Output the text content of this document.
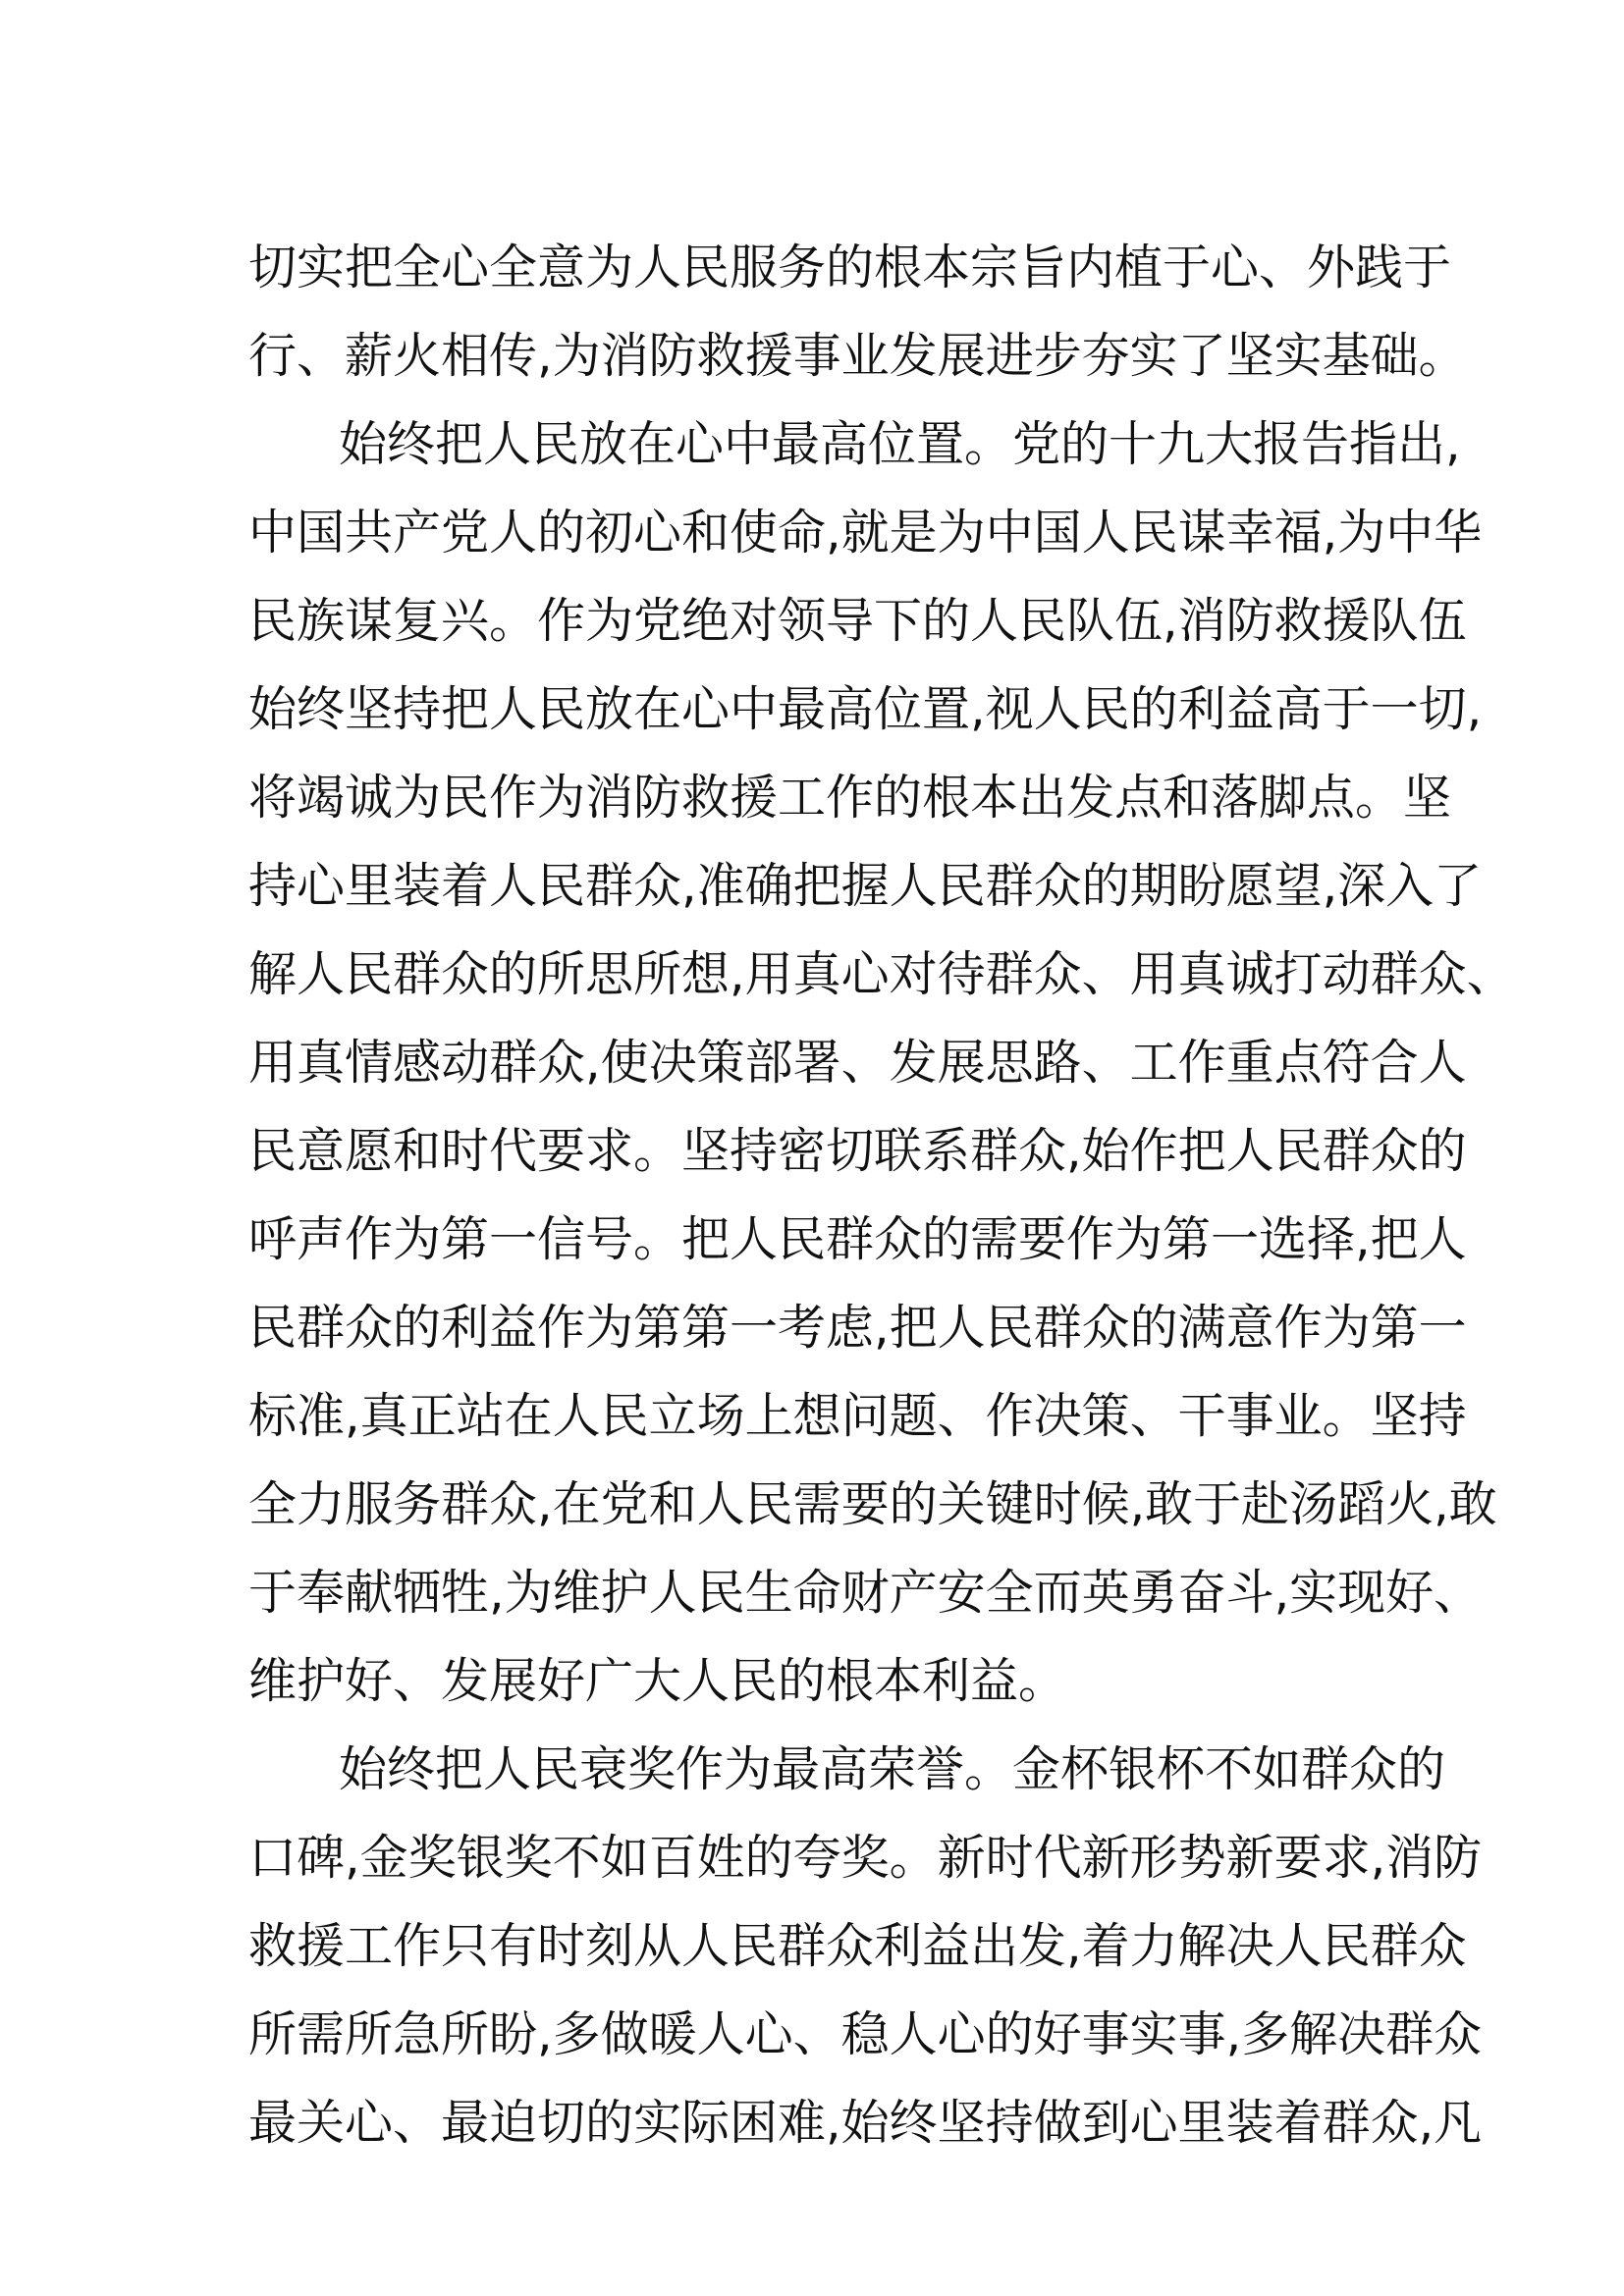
切实把全心全意为人民服务的根本宗旨内植于心、外践于
行、薪火相传,为消防救援事业发展进步夯实了坚实基础。
始终把人民放在心中最高位置。党的十九大报告指出,
中国共产党人的初心和使命,就是为中国人民谋幸福,为中华
民族谋复兴。作为党绝对领导下的人民队伍,消防救援队伍
始终坚持把人民放在心中最高位置,视人民的利益高于一切,
将竭诚为民作为消防救援工作的根本出发点和落脚点。坚
持心里装着人民群众,准确把握人民群众的期盼愿望,深入了
解人民群众的所思所想,用真心对待群众、用真诚打动群众、
用真情感动群众,使决策部署、发展思路、工作重点符合人
民意愿和时代要求。坚持密切联系群众,始作把人民群众的
呼声作为第一信号。把人民群众的需要作为第一选择,把人
民群众的利益作为第第一考虑,把人民群众的满意作为第一
标准,真正站在人民立场上想问题、作决策、干事业。坚持
全力服务群众,在党和人民需要的关键时候,敢于赴汤蹈火,敢
于奉献牺牲,为维护人民生命财产安全而英勇奋斗,实现好、
维护好、发展好广大人民的根本利益。
始终把人民衰奖作为最高荣誉。金杯银杯不如群众的
口碑,金奖银奖不如百姓的夸奖。新时代新形势新要求,消防
救援工作只有时刻从人民群众利益出发,着力解决人民群众
所需所急所盼,多做暖人心、稳人心的好事实事,多解决群众
最关心、最迫切的实际困难,始终坚持做到心里装着群众,凡
